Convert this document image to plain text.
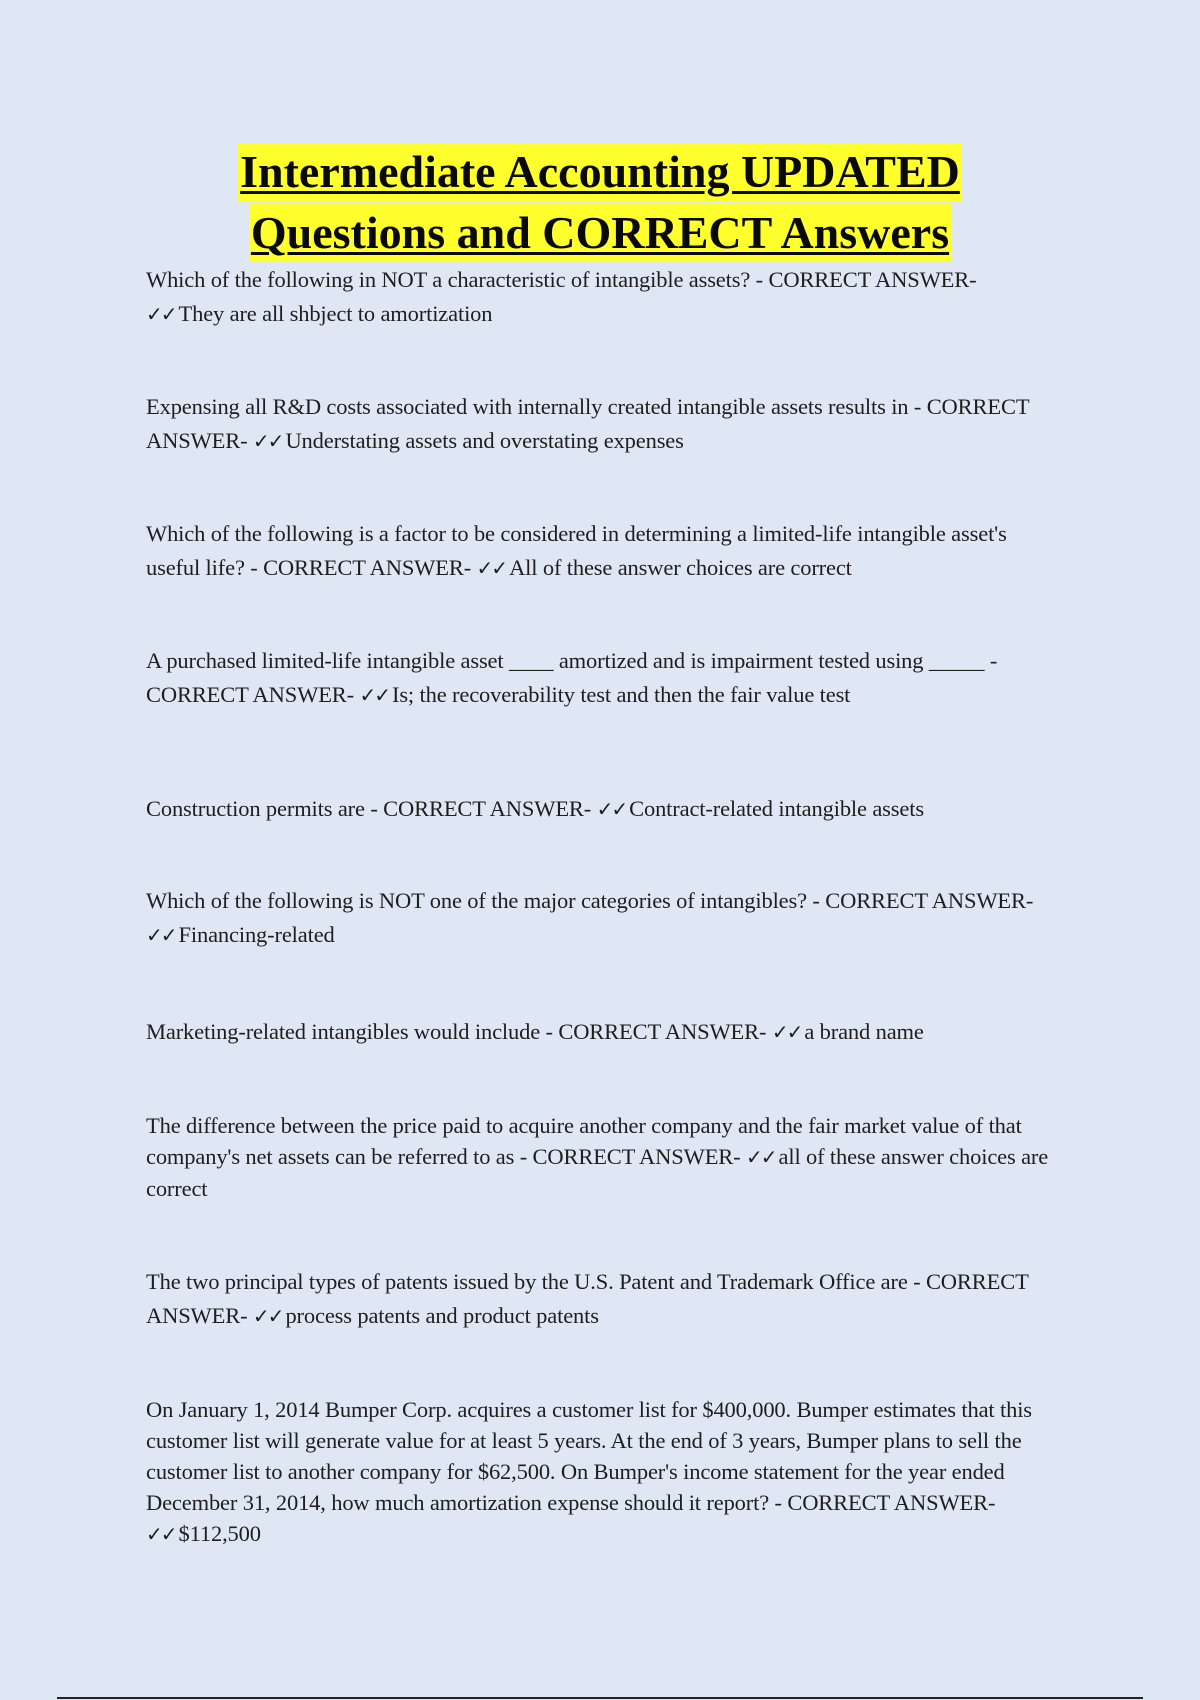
Intermediate Accounting UPDATED
Questions and CORRECT Answers

Which of the following in NOT a characteristic of intangible assets? - CORRECT ANSWER- ✓✓ They are all shbject to amortization

Expensing all R&D costs associated with internally created intangible assets results in - CORRECT ANSWER- ✓✓ Understating assets and overstating expenses

Which of the following is a factor to be considered in determining a limited-life intangible asset's useful life? - CORRECT ANSWER- ✓✓ All of these answer choices are correct

A purchased limited-life intangible asset ____ amortized and is impairment tested using _____ - CORRECT ANSWER- ✓✓ Is; the recoverability test and then the fair value test

Construction permits are - CORRECT ANSWER- ✓✓ Contract-related intangible assets

Which of the following is NOT one of the major categories of intangibles? - CORRECT ANSWER- ✓✓ Financing-related

Marketing-related intangibles would include - CORRECT ANSWER- ✓✓ a brand name

The difference between the price paid to acquire another company and the fair market value of that company's net assets can be referred to as - CORRECT ANSWER- ✓✓ all of these answer choices are correct

The two principal types of patents issued by the U.S. Patent and Trademark Office are - CORRECT ANSWER- ✓✓ process patents and product patents

On January 1, 2014 Bumper Corp. acquires a customer list for $400,000. Bumper estimates that this customer list will generate value for at least 5 years. At the end of 3 years, Bumper plans to sell the customer list to another company for $62,500. On Bumper's income statement for the year ended December 31, 2014, how much amortization expense should it report? - CORRECT ANSWER- ✓✓ $112,500
